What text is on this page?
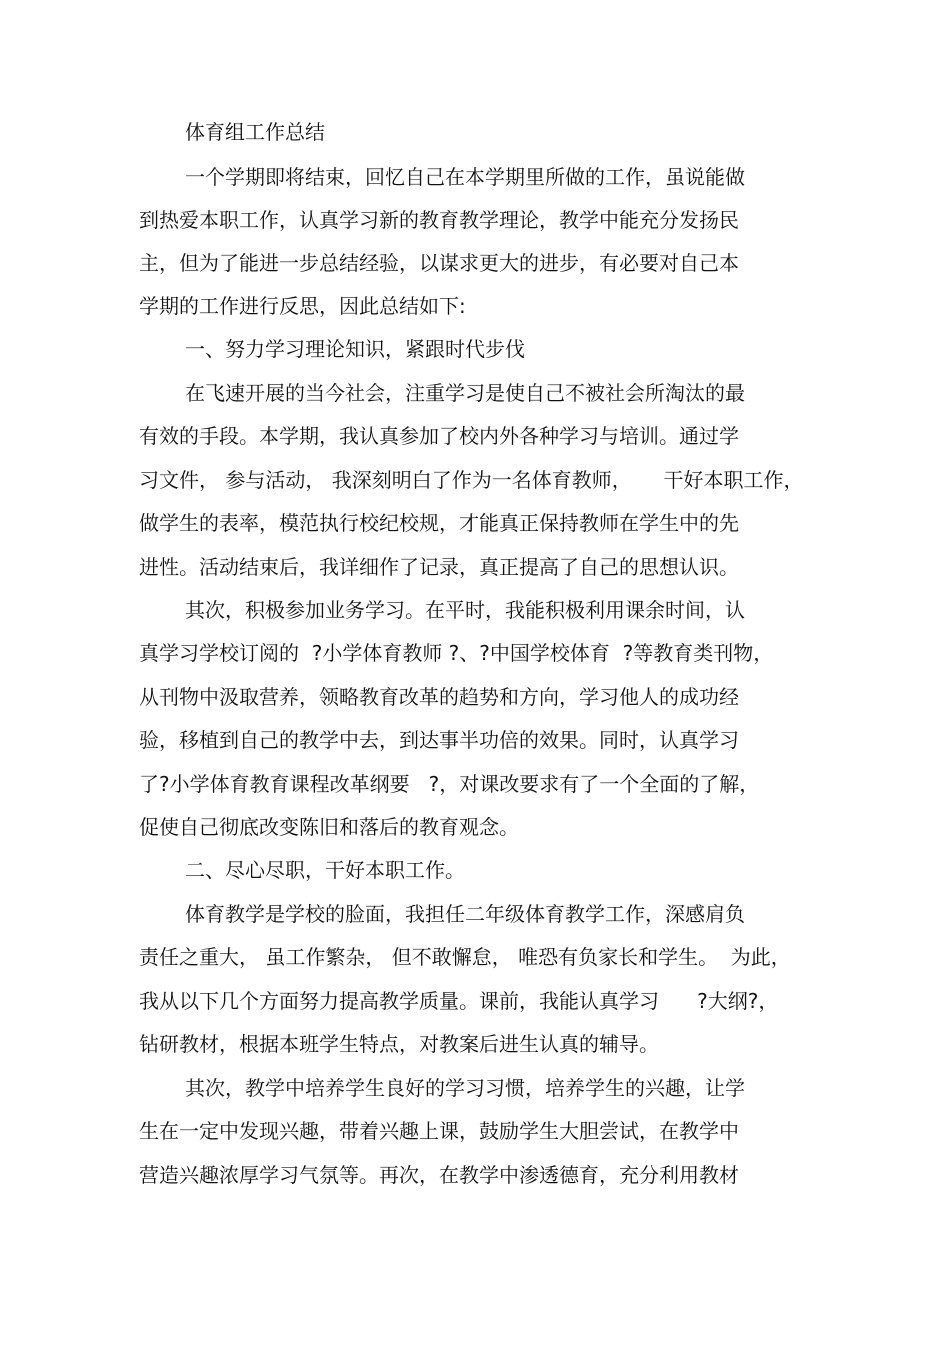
体育组工作总结

一个学期即将结束，回忆自己在本学期里所做的工作，虽说能做

到热爱本职工作，认真学习新的教育教学理论，教学中能充分发扬民

主，但为了能进一步总结经验，以谋求更大的进步，有必要对自己本

学期的工作进行反思，因此总结如下:

一、努力学习理论知识，紧跟时代步伐

在飞速开展的当今社会，注重学习是使自己不被社会所淘汰的最

有效的手段。本学期，我认真参加了校内外各种学习与培训。通过学

习文件， 参与活动， 我深刻明白了作为一名体育教师，     干好本职工作，

做学生的表率，模范执行校纪校规，才能真正保持教师在学生中的先

进性。活动结束后，我详细作了记录，真正提高了自己的思想认识。

其次，积极参加业务学习。在平时，我能积极利用课余时间，认

真学习学校订阅的  ?小学体育教师 ?、?中国学校体育  ?等教育类刊物，

从刊物中汲取营养，领略教育改革的趋势和方向，学习他人的成功经

验，移植到自己的教学中去，到达事半功倍的效果。同时，认真学习

了?小学体育教育课程改革纲要   ?，对课改要求有了一个全面的了解，

促使自己彻底改变陈旧和落后的教育观念。

二、尽心尽职，干好本职工作。

体育教学是学校的脸面，我担任二年级体育教学工作，深感肩负

责任之重大， 虽工作繁杂， 但不敢懈怠， 唯恐有负家长和学生。  为此，

我从以下几个方面努力提高教学质量。课前，我能认真学习      ?大纲?，

钻研教材，根据本班学生特点，对教案后进生认真的辅导。

其次，教学中培养学生良好的学习习惯，培养学生的兴趣，让学

生在一定中发现兴趣，带着兴趣上课，鼓励学生大胆尝试，在教学中

营造兴趣浓厚学习气氛等。再次，在教学中渗透德育，充分利用教材
